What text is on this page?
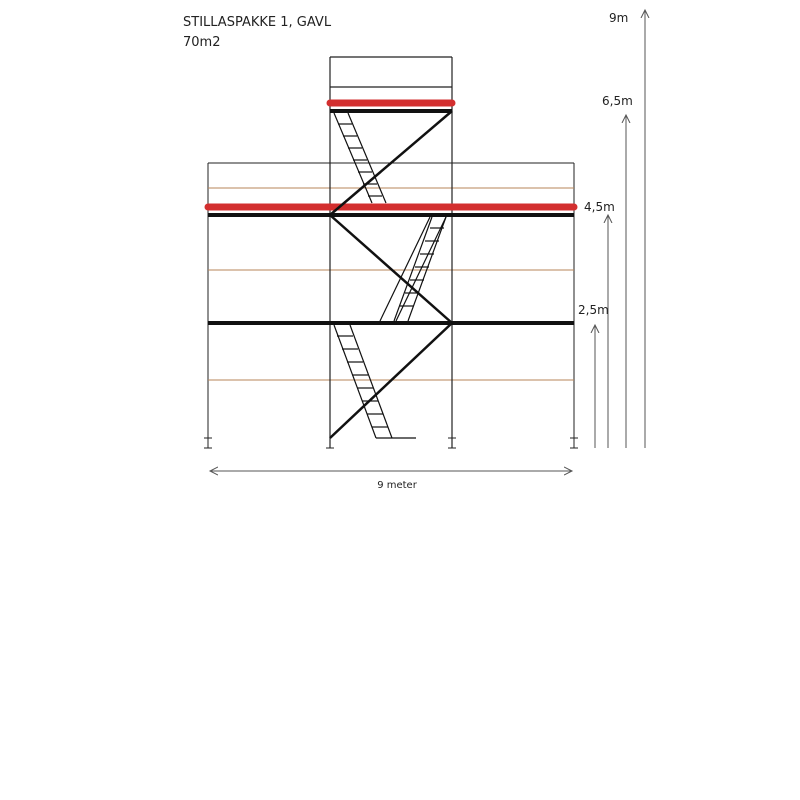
STILLASPAKKE 1, GAVL
70m2
9 meter
9m
6,5m
4,5m
2,5m
